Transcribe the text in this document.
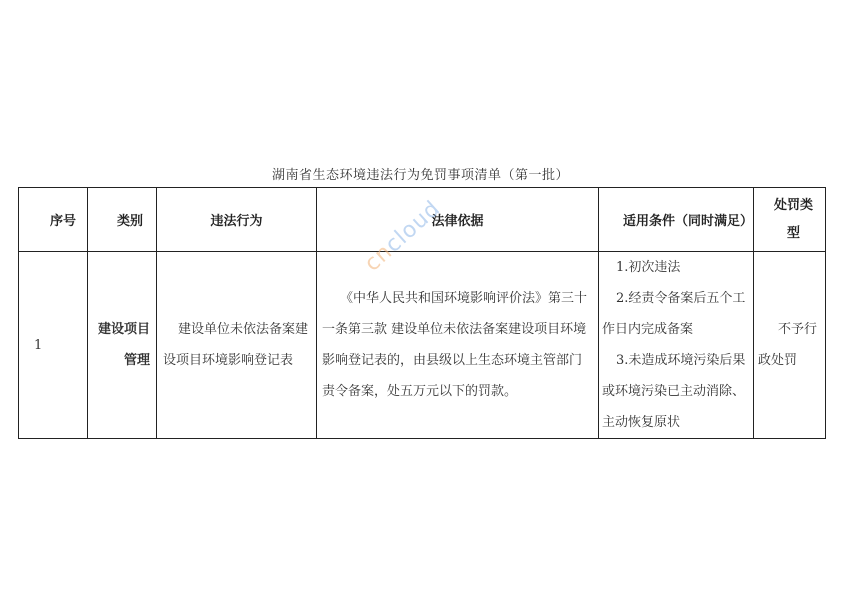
湖南省生态环境违法行为免罚事项清单（第一批）
序号	类别	违法行为	法律依据	适用条件（同时满足）	处罚类
型
1	建设项目管理	建设单位未依法备案建设项目环境影响登记表	《中华人民共和国环境影响评价法》第三十一条第三款 建设单位未依法备案建设项目环境影响登记表的，由县级以上生态环境主管部门责令备案，处五万元以下的罚款。	1.初次违法
2.经责令备案后五个工作日内完成备案
3.未造成环境污染后果或环境污染已主动消除、主动恢复原状	不予行政处罚
cncloud
